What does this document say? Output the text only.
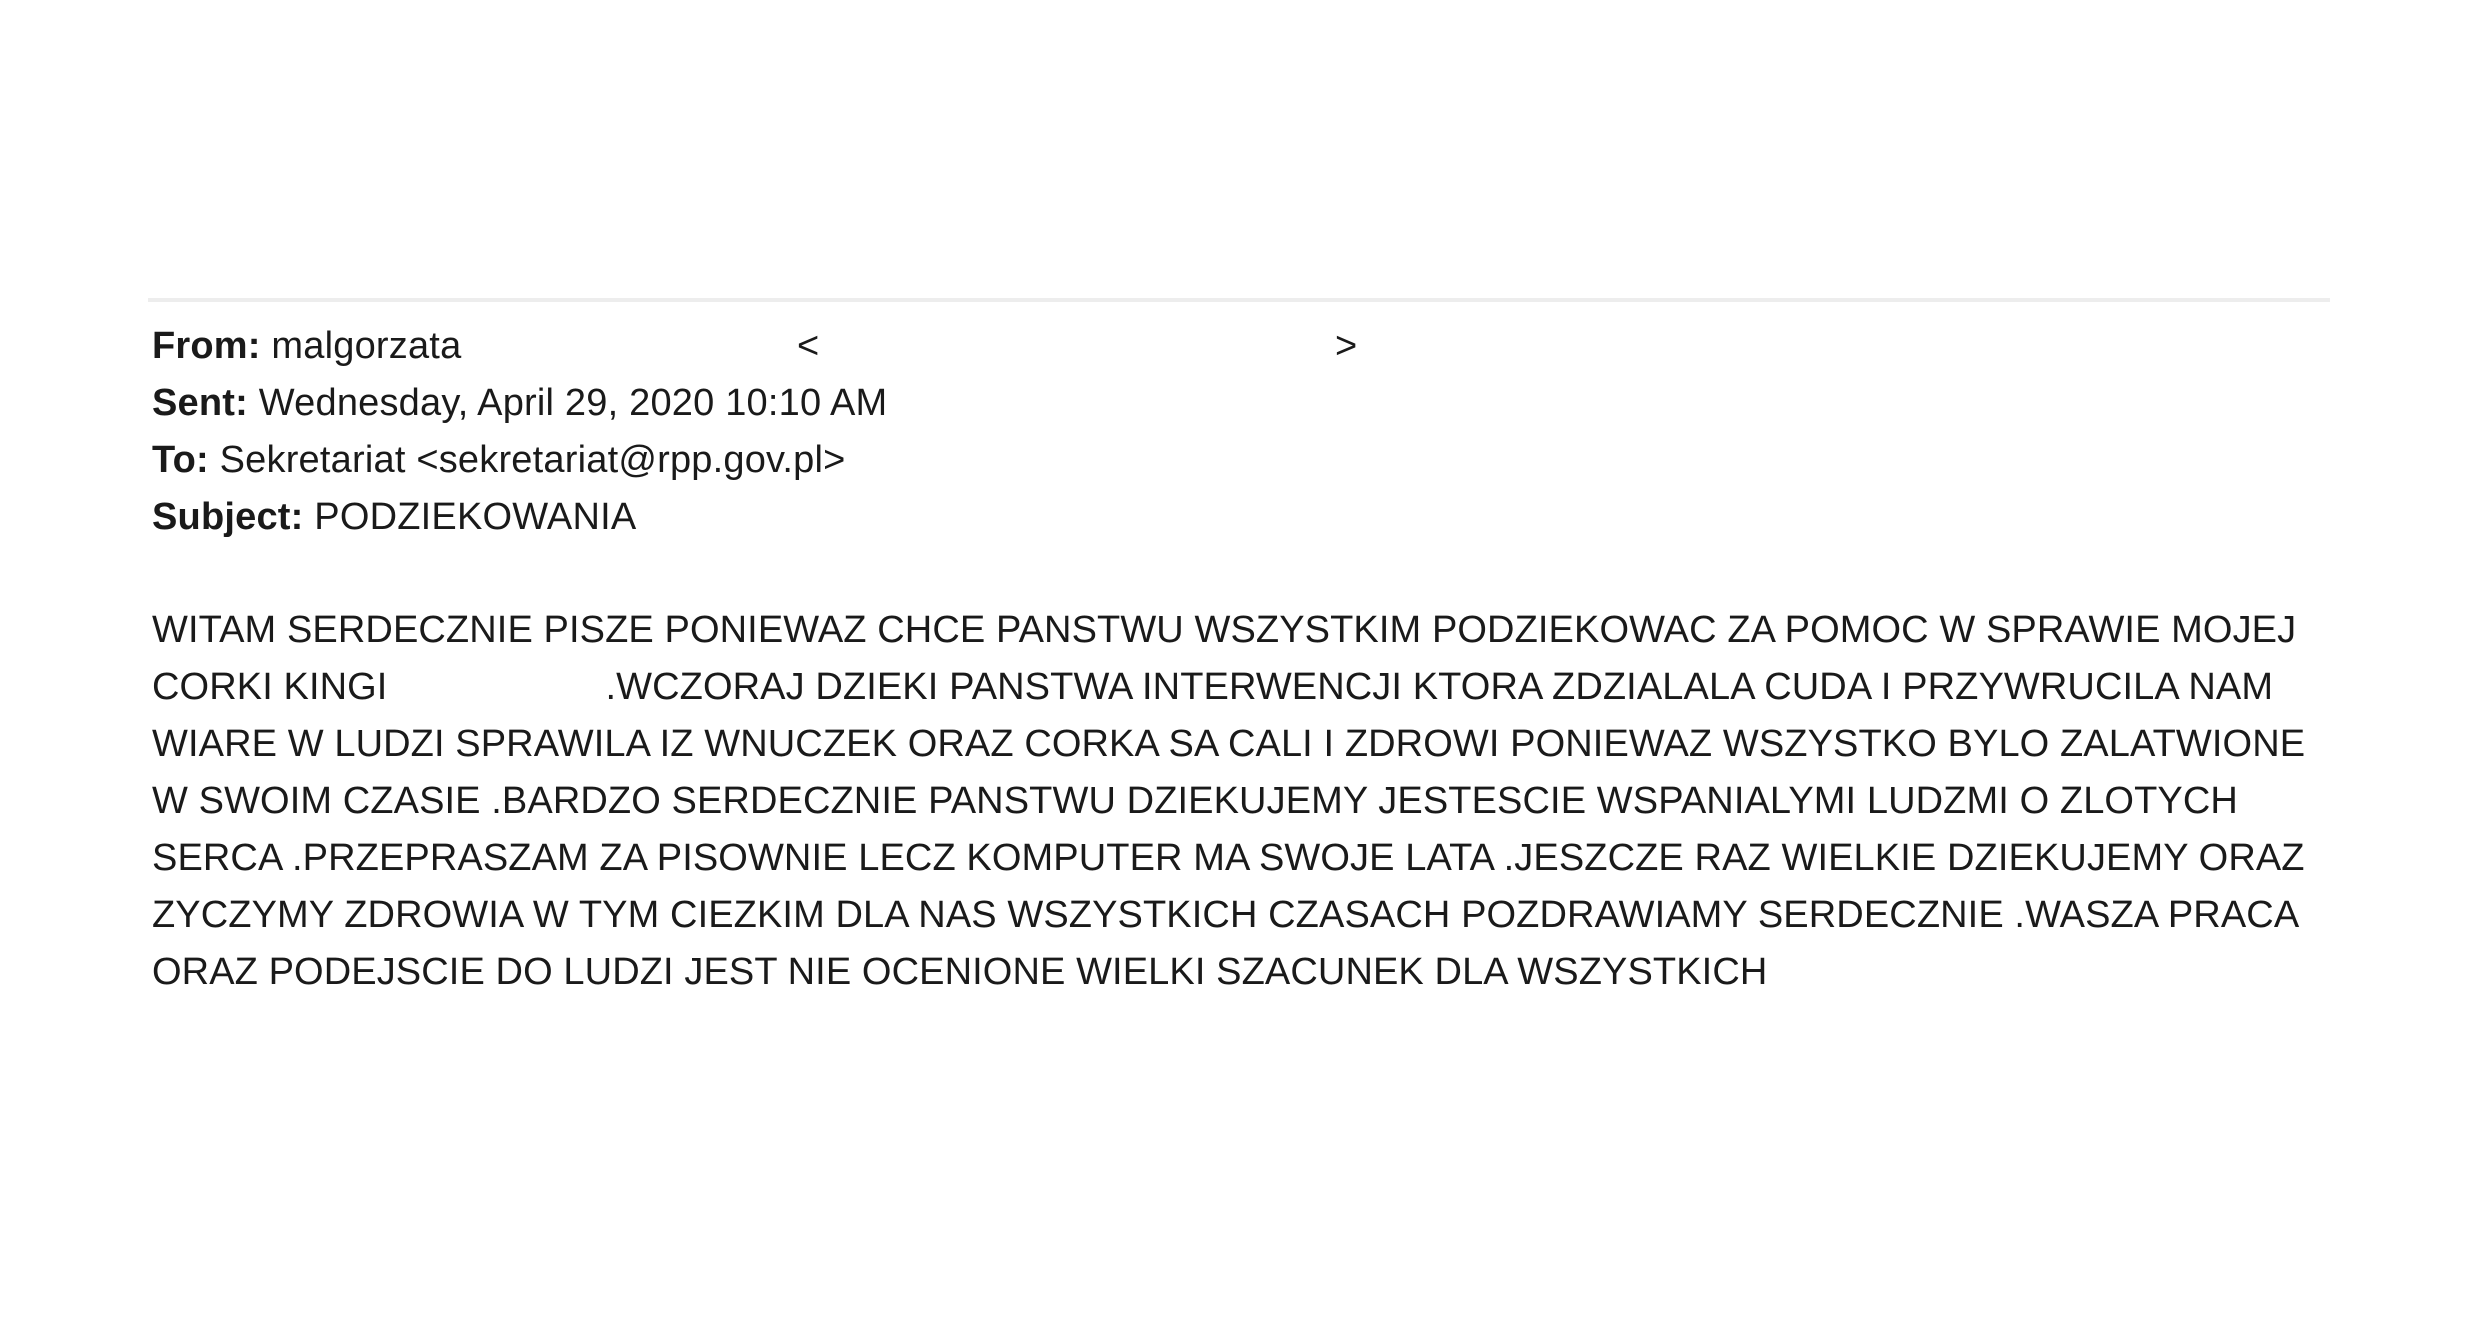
From: malgorzata	<	>
Sent: Wednesday, April 29, 2020 10:10 AM
To: Sekretariat <sekretariat@rpp.gov.pl>
Subject: PODZIEKOWANIA
WITAM SERDECZNIE PISZE PONIEWAZ CHCE PANSTWU WSZYSTKIM PODZIEKOWAC ZA POMOC W SPRAWIE MOJEJ
CORKI KINGI	.WCZORAJ DZIEKI PANSTWA INTERWENCJI KTORA ZDZIALALA CUDA I PRZYWRUCILA NAM
WIARE W LUDZI SPRAWILA IZ WNUCZEK ORAZ CORKA SA CALI I ZDROWI PONIEWAZ WSZYSTKO BYLO ZALATWIONE
W SWOIM CZASIE .BARDZO SERDECZNIE PANSTWU DZIEKUJEMY JESTESCIE WSPANIALYMI LUDZMI O ZLOTYCH
SERCA .PRZEPRASZAM ZA PISOWNIE LECZ KOMPUTER MA SWOJE LATA .JESZCZE RAZ WIELKIE DZIEKUJEMY ORAZ
ZYCZYMY ZDROWIA W TYM CIEZKIM DLA NAS WSZYSTKICH CZASACH POZDRAWIAMY SERDECZNIE .WASZA PRACA
ORAZ PODEJSCIE DO LUDZI JEST NIE OCENIONE WIELKI SZACUNEK DLA WSZYSTKICH
